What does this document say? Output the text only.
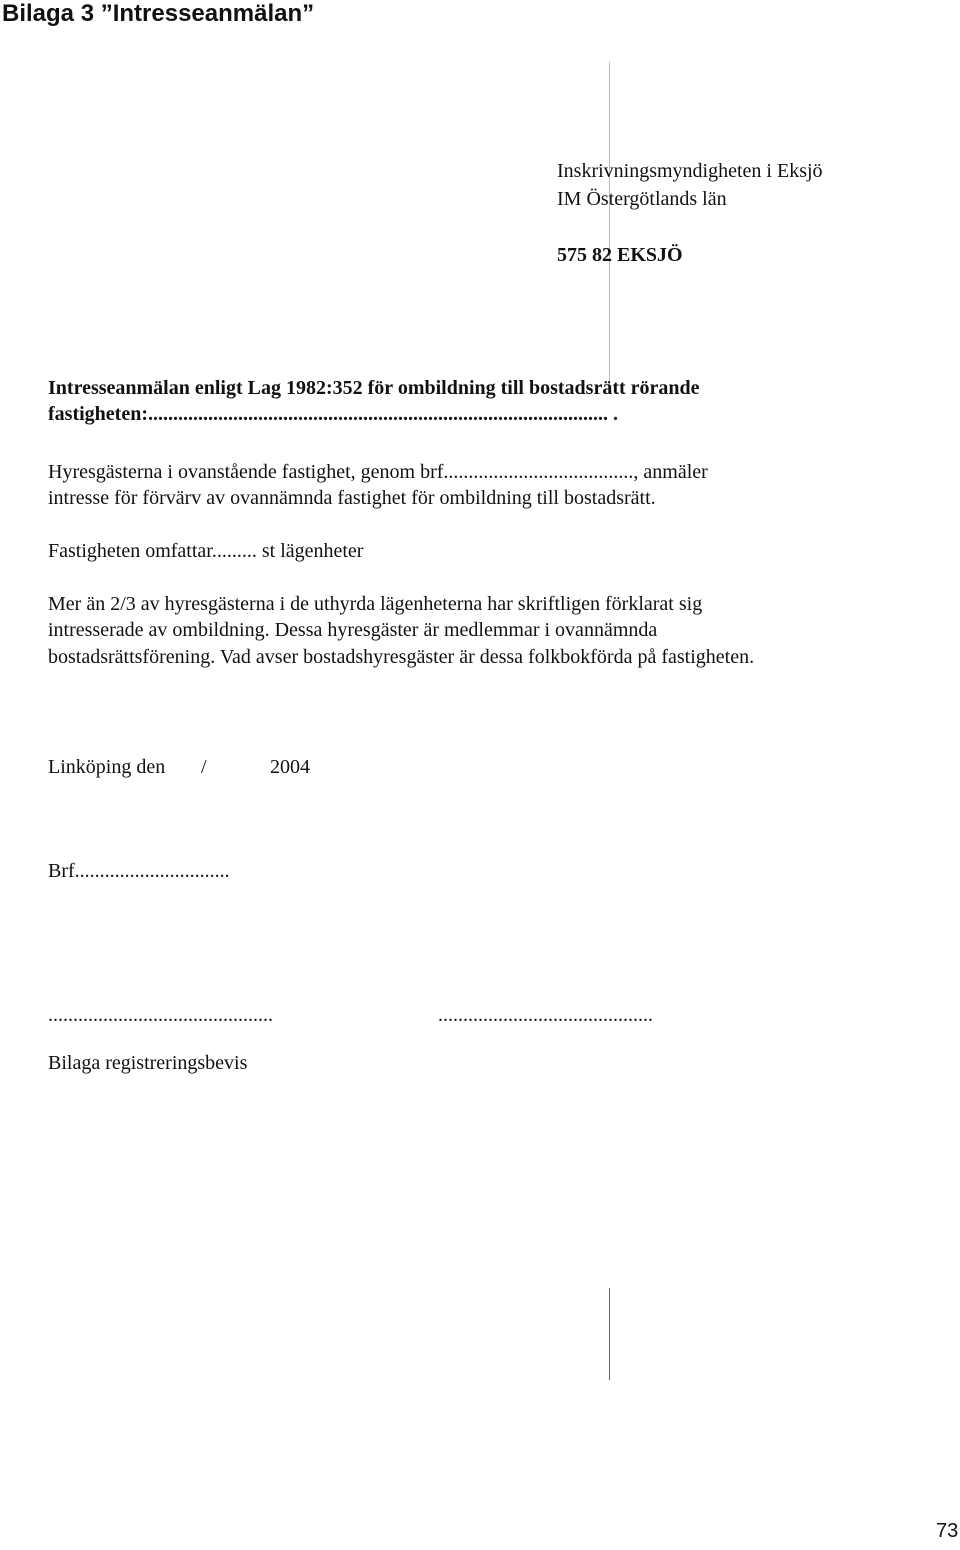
Bilaga 3 ”Intresseanmälan”
Inskrivningsmyndigheten i Eksjö
IM Östergötlands län
575 82 EKSJÖ
Intresseanmälan enligt Lag 1982:352 för ombildning till bostadsrätt rörande
fastigheten:............................................................................................ .
Hyresgästerna i ovanstående fastighet, genom brf......................................, anmäler
intresse för förvärv av ovannämnda fastighet för ombildning till bostadsrätt.
Fastigheten omfattar......... st lägenheter
Mer än 2/3 av hyresgästerna i de uthyrda lägenheterna har skriftligen förklarat sig
intresserade av ombildning. Dessa hyresgäster är medlemmar i ovannämnda
bostadsrättsförening. Vad avser bostadshyresgäster är dessa folkbokförda på fastigheten.
Linköping den /	2004
Brf...............................
.............................................	...........................................
Bilaga registreringsbevis
73
